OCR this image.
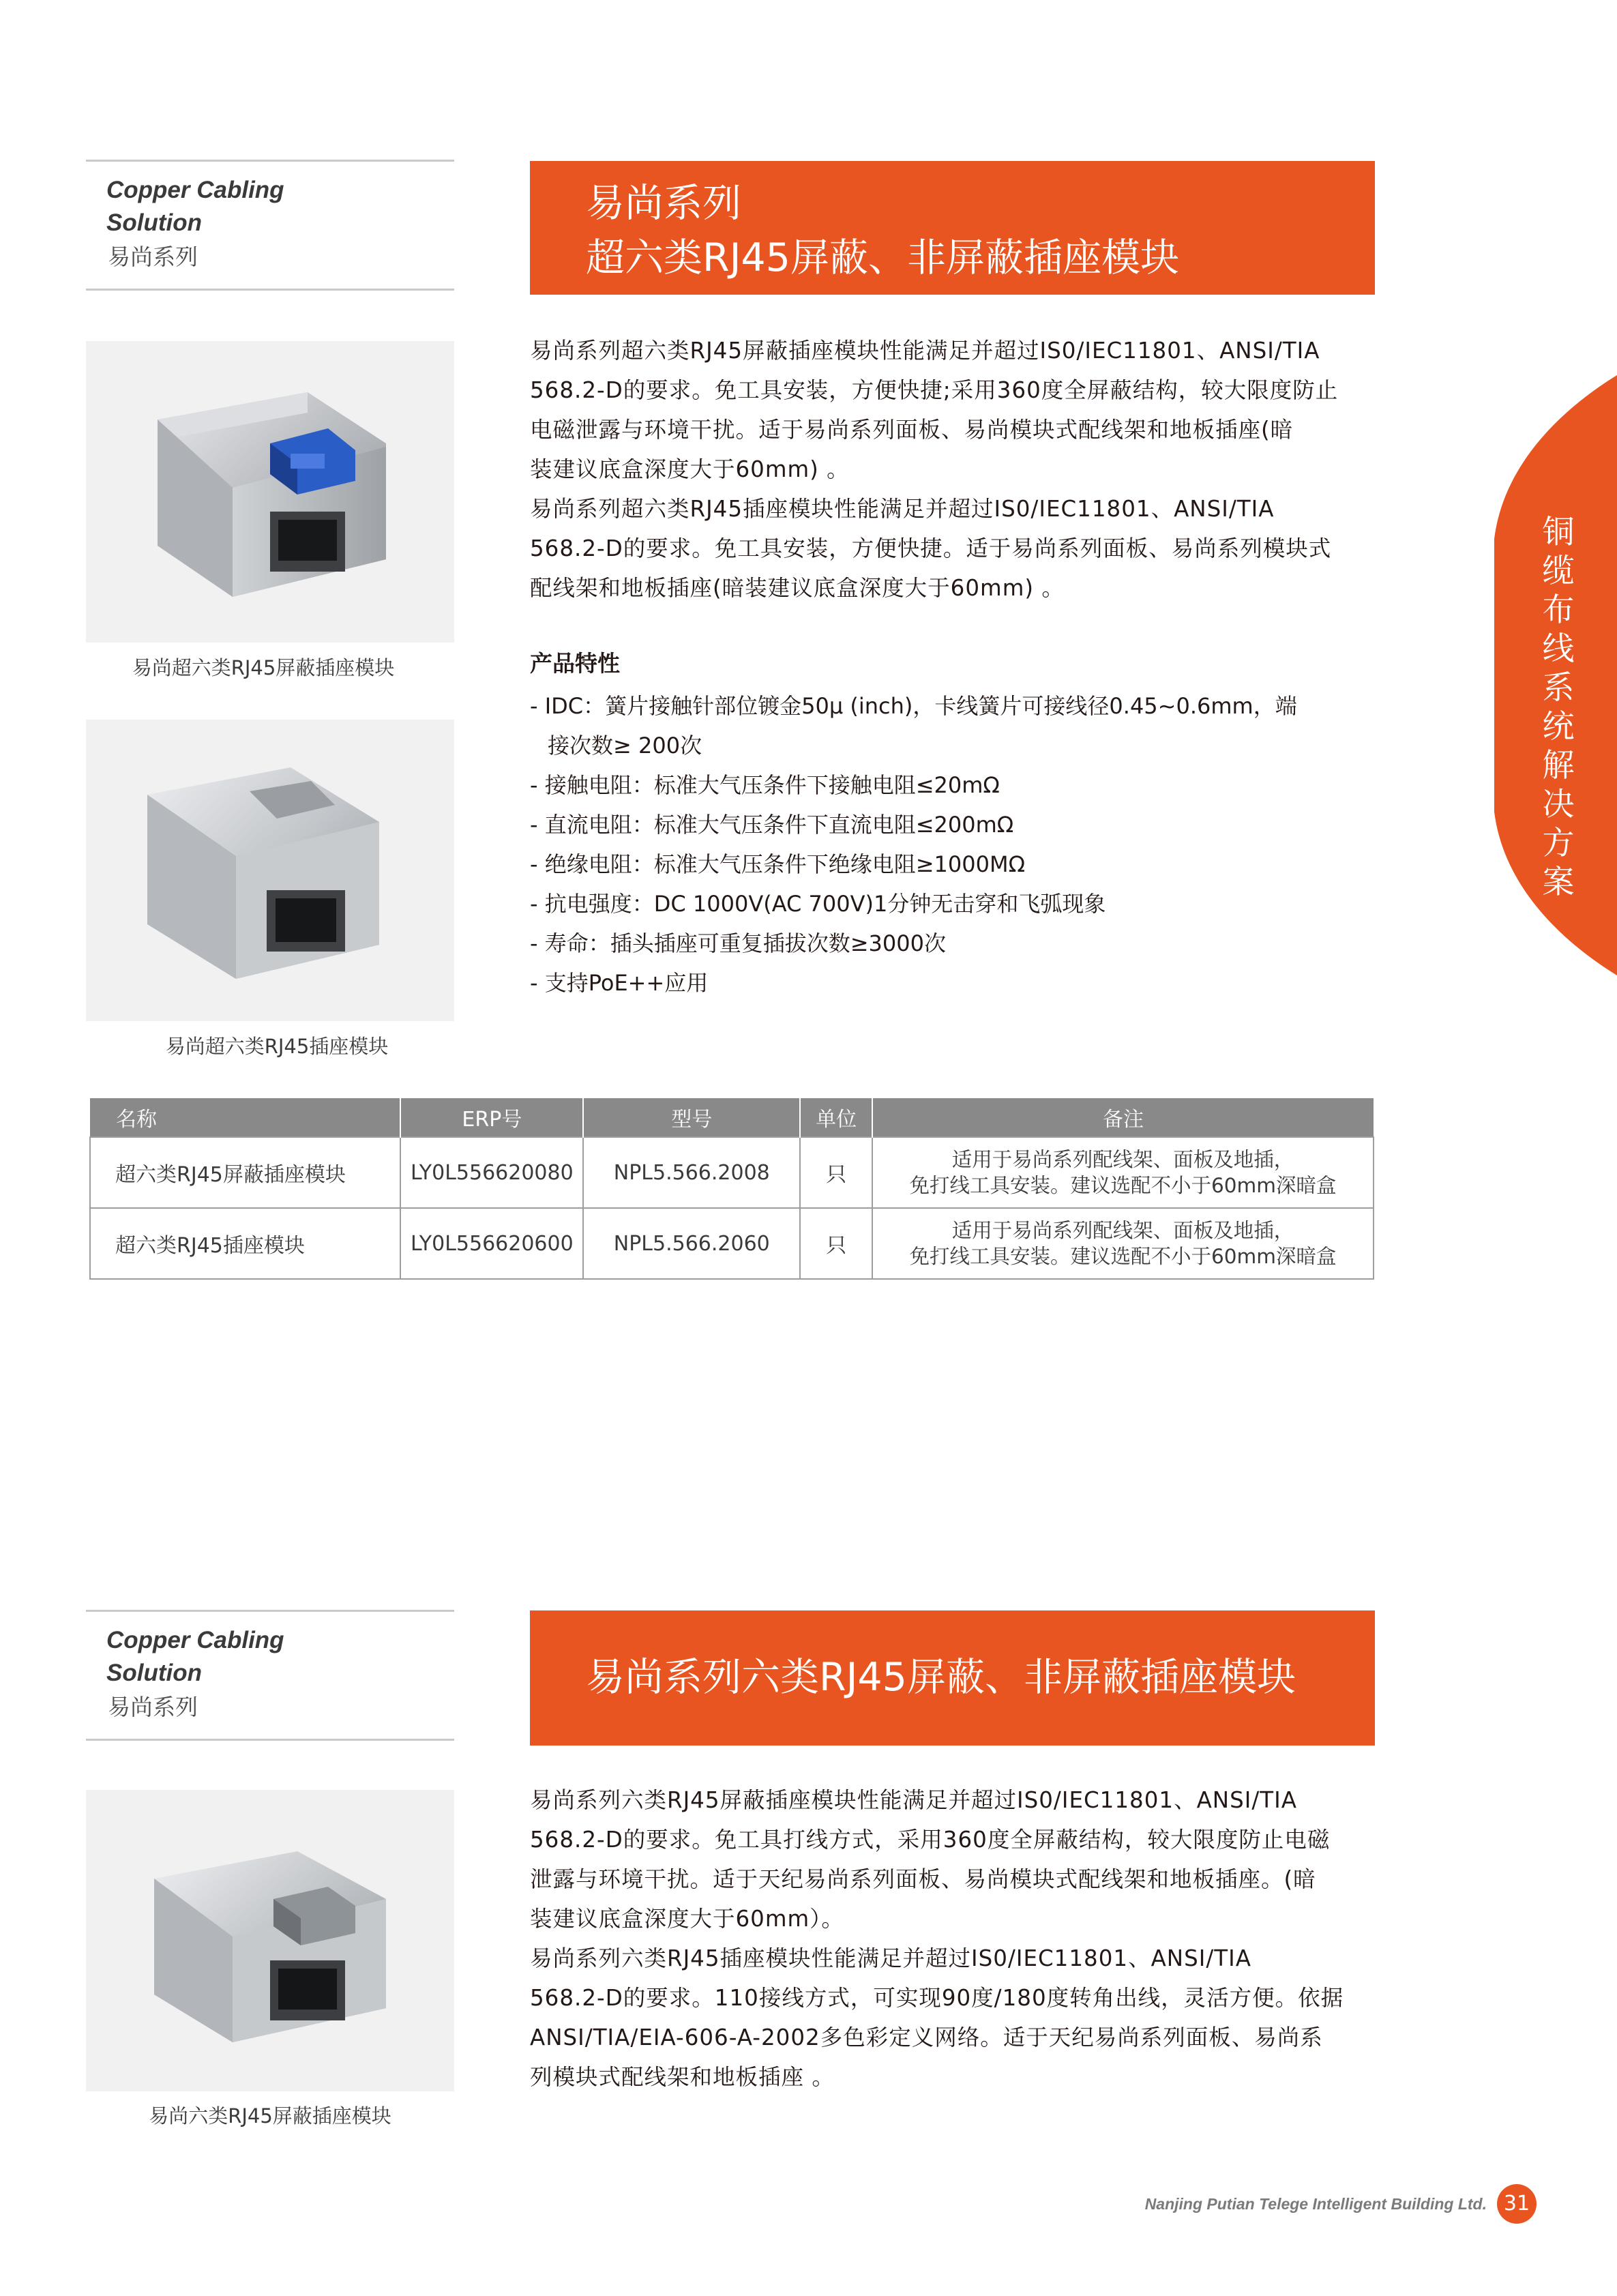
Copper Cabling
Solution
易尚系列
易尚系列
超六类RJ45屏蔽、非屏蔽插座模块
易尚超六类RJ45屏蔽插座模块
易尚超六类RJ45插座模块

易尚系列超六类RJ45屏蔽插座模块性能满足并超过IS0/IEC11801、ANSI/TIA

568.2-D的要求。免工具安装，方便快捷;采用360度全屏蔽结构，较大限度防止

电磁泄露与环境干扰。适于易尚系列面板、易尚模块式配线架和地板插座(暗

装建议底盒深度大于60mm) 。

易尚系列超六类RJ45插座模块性能满足并超过IS0/IEC11801、ANSI/TIA

568.2-D的要求。免工具安装，方便快捷。适于易尚系列面板、易尚系列模块式

配线架和地板插座(暗装建议底盒深度大于60mm) 。

产品特性
- IDC：簧片接触针部位镀金50μ (inch)，卡线簧片可接线径0.45~0.6mm，端
接次数≥ 200次
- 接触电阻：标准大气压条件下接触电阻≤20mΩ
- 直流电阻：标准大气压条件下直流电阻≤200mΩ
- 绝缘电阻：标准大气压条件下绝缘电阻≥1000MΩ
- 抗电强度：DC 1000V(AC 700V)1分钟无击穿和飞弧现象
- 寿命：插头插座可重复插拔次数≥3000次
- 支持PoE++应用
名称	ERP号	型号	单位	备注
超六类RJ45屏蔽插座模块	LY0L556620080	NPL5.566.2008	只	适用于易尚系列配线架、面板及地插，
免打线工具安装。建议选配不小于60mm深暗盒

超六类RJ45插座模块	LY0L556620600	NPL5.566.2060	只	适用于易尚系列配线架、面板及地插，
免打线工具安装。建议选配不小于60mm深暗盒
Copper Cabling
Solution
易尚系列
易尚系列六类RJ45屏蔽、非屏蔽插座模块
易尚六类RJ45屏蔽插座模块

易尚系列六类RJ45屏蔽插座模块性能满足并超过IS0/IEC11801、ANSI/TIA

568.2-D的要求。免工具打线方式，采用360度全屏蔽结构，较大限度防止电磁

泄露与环境干扰。适于天纪易尚系列面板、易尚模块式配线架和地板插座。(暗

装建议底盒深度大于60mm）。

易尚系列六类RJ45插座模块性能满足并超过IS0/IEC11801、ANSI/TIA

568.2-D的要求。110接线方式，可实现90度/180度转角出线，灵活方便。依据

ANSI/TIA/EIA-606-A-2002多色彩定义网络。适于天纪易尚系列面板、易尚系

列模块式配线架和地板插座 。

铜缆布线系统解决方案
Nanjing Putian Telege Intelligent Building Ltd. 31
